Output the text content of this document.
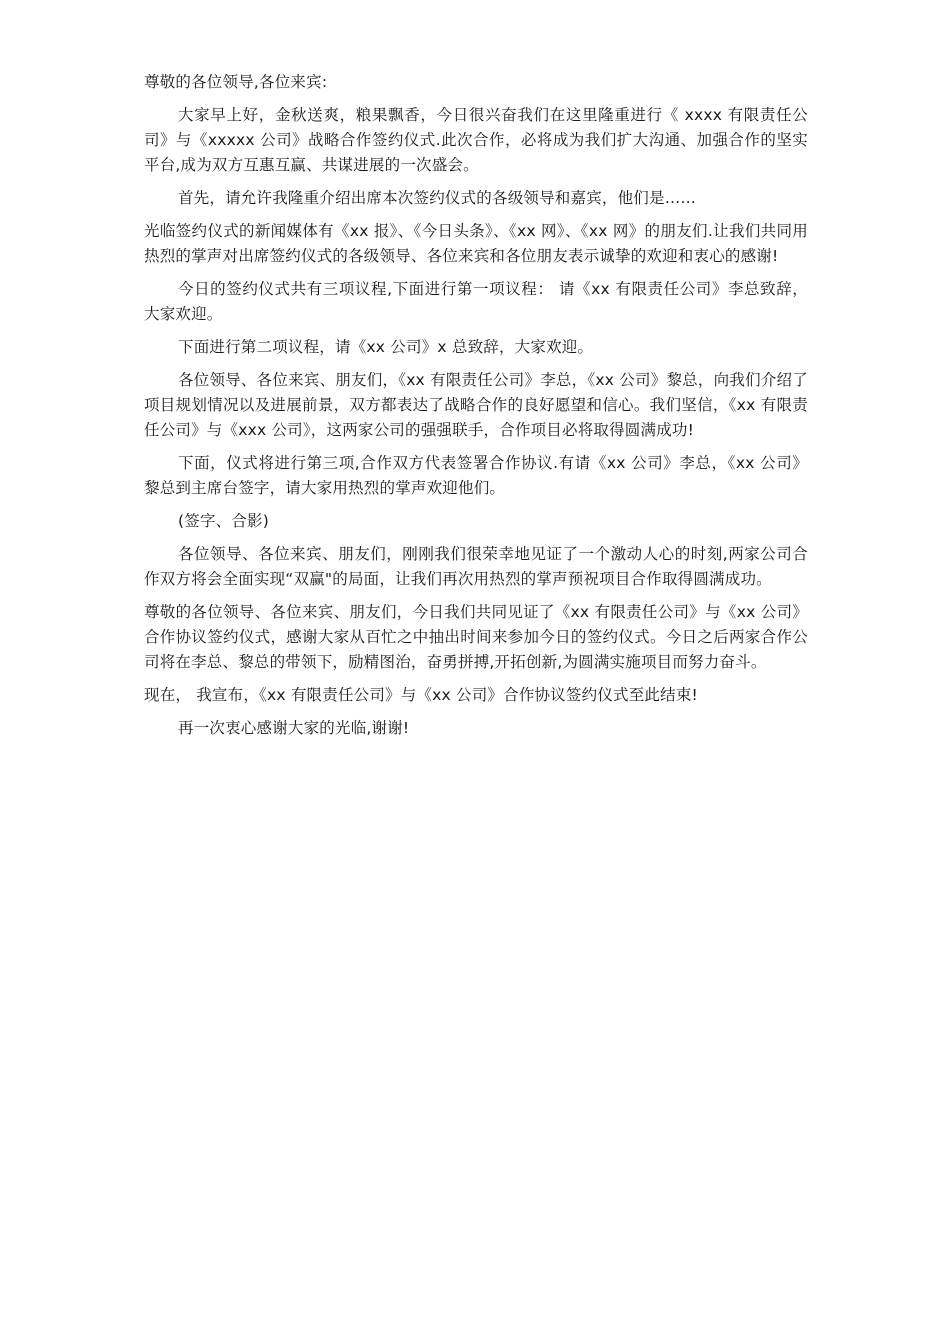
尊敬的各位领导,各位来宾:

大家早上好，金秋送爽，粮果飘香，今日很兴奋我们在这里隆重进行《 xxxx 有限责任公司》与《xxxxx 公司》战略合作签约仪式.此次合作，必将成为我们扩大沟通、加强合作的坚实平台,成为双方互惠互赢、共谋进展的一次盛会。

首先，请允许我隆重介绍出席本次签约仪式的各级领导和嘉宾，他们是……

光临签约仪式的新闻媒体有《xx 报》、《今日头条》、《xx 网》、《xx 网》的朋友们.让我们共同用热烈的掌声对出席签约仪式的各级领导、各位来宾和各位朋友表示诚挚的欢迎和衷心的感谢!

今日的签约仪式共有三项议程,下面进行第一项议程： 请《xx 有限责任公司》李总致辞，大家欢迎。

下面进行第二项议程，请《xx 公司》x 总致辞，大家欢迎。

各位领导、各位来宾、朋友们，《xx 有限责任公司》李总，《xx 公司》黎总，向我们介绍了项目规划情况以及进展前景，双方都表达了战略合作的良好愿望和信心。我们坚信，《xx 有限责任公司》与《xxx 公司》，这两家公司的强强联手，合作项目必将取得圆满成功!

下面，仪式将进行第三项,合作双方代表签署合作协议.有请《xx 公司》李总，《xx 公司》黎总到主席台签字，请大家用热烈的掌声欢迎他们。

(签字、合影)

各位领导、各位来宾、朋友们，刚刚我们很荣幸地见证了一个激动人心的时刻,两家公司合作双方将会全面实现“双赢"的局面，让我们再次用热烈的掌声预祝项目合作取得圆满成功。

尊敬的各位领导、各位来宾、朋友们，今日我们共同见证了《xx 有限责任公司》与《xx 公司》合作协议签约仪式，感谢大家从百忙之中抽出时间来参加今日的签约仪式。今日之后两家合作公司将在李总、黎总的带领下，励精图治，奋勇拼搏,开拓创新,为圆满实施项目而努力奋斗。

现在， 我宣布，《xx 有限责任公司》与《xx 公司》合作协议签约仪式至此结束!

再一次衷心感谢大家的光临,谢谢!
